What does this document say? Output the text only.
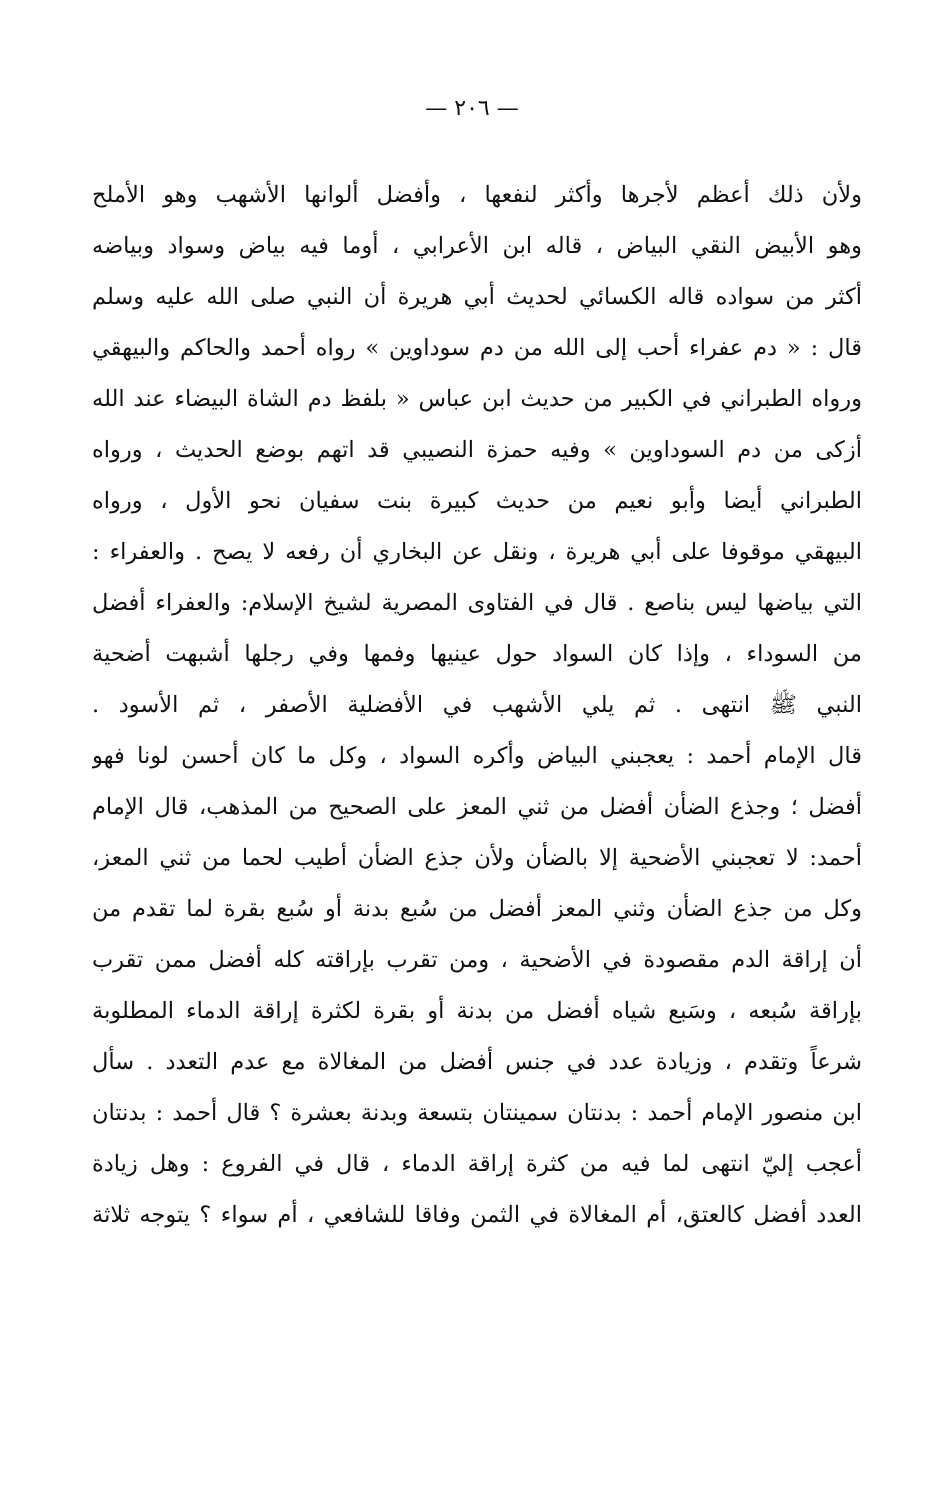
— ٢٠٦ —
ولأن ذلك أعظم لأجرها وأكثر لنفعها ، وأفضل ألوانها الأشهب وهو الأملح
وهو الأبيض النقي البياض ، قاله ابن الأعرابي ، أوما فيه بياض وسواد وبياضه
أكثر من سواده قاله الكسائي لحديث أبي هريرة أن النبي صلى الله عليه وسلم
قال : « دم عفراء أحب إلى الله من دم سوداوين » رواه أحمد والحاكم والبيهقي
ورواه الطبراني في الكبير من حديث ابن عباس « بلفظ دم الشاة البيضاء عند الله
أزكى من دم السوداوين » وفيه حمزة النصيبي قد اتهم بوضع الحديث ، ورواه
الطبراني أيضا وأبو نعيم من حديث كبيرة بنت سفيان نحو الأول ، ورواه
البيهقي موقوفا على أبي هريرة ، ونقل عن البخاري أن رفعه لا يصح . والعفراء :
التي بياضها ليس بناصع . قال في الفتاوى المصرية لشيخ الإسلام: والعفراء أفضل
من السوداء ، وإذا كان السواد حول عينيها وفمها وفي رجلها أشبهت أضحية
النبي ﷺ انتهى . ثم يلي الأشهب في الأفضلية الأصفر ، ثم الأسود .
قال الإمام أحمد : يعجبني البياض وأكره السواد ، وكل ما كان أحسن لونا فهو
أفضل ؛ وجذع الضأن أفضل من ثني المعز على الصحيح من المذهب، قال الإمام
أحمد: لا تعجبني الأضحية إلا بالضأن ولأن جذع الضأن أطيب لحما من ثني المعز،
وكل من جذع الضأن وثني المعز أفضل من سُبع بدنة أو سُبع بقرة لما تقدم من
أن إراقة الدم مقصودة في الأضحية ، ومن تقرب بإراقته كله أفضل ممن تقرب
بإراقة سُبعه ، وسَبع شياه أفضل من بدنة أو بقرة لكثرة إراقة الدماء المطلوبة
شرعاً وتقدم ، وزيادة عدد في جنس أفضل من المغالاة مع عدم التعدد . سأل
ابن منصور الإمام أحمد : بدنتان سمينتان بتسعة وبدنة بعشرة ؟ قال أحمد : بدنتان
أعجب إليّ انتهى لما فيه من كثرة إراقة الدماء ، قال في الفروع : وهل زيادة
العدد أفضل كالعتق، أم المغالاة في الثمن وفاقا للشافعي ، أم سواء ؟ يتوجه ثلاثة
